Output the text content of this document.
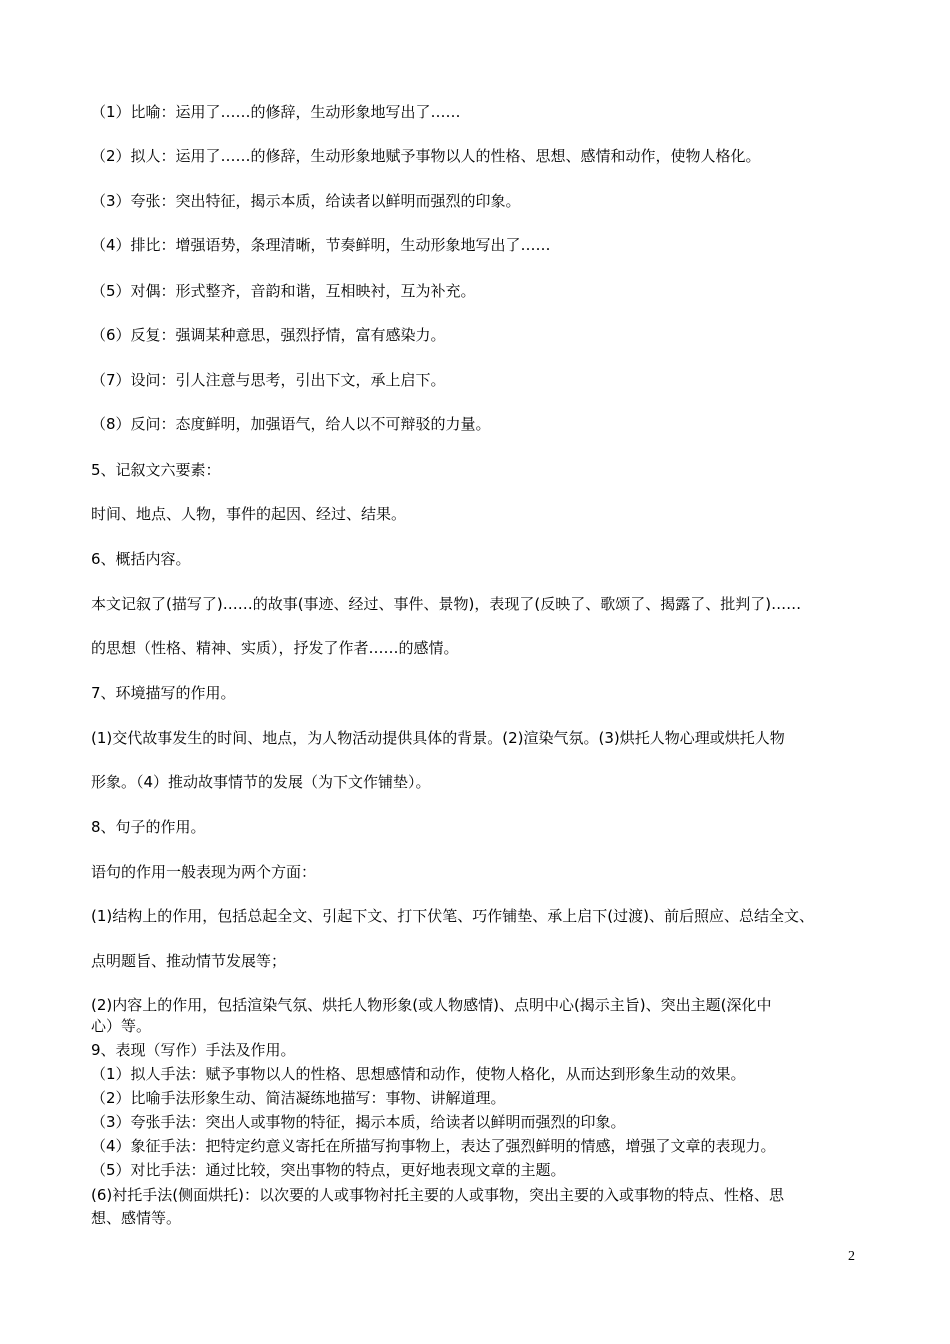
（1）比喻：运用了……的修辞，生动形象地写出了……
（2）拟人：运用了……的修辞，生动形象地赋予事物以人的性格、思想、感情和动作，使物人格化。
（3）夸张：突出特征，揭示本质，给读者以鲜明而强烈的印象。
（4）排比：增强语势，条理清晰，节奏鲜明，生动形象地写出了……
（5）对偶：形式整齐，音韵和谐，互相映衬，互为补充。
（6）反复：强调某种意思，强烈抒情，富有感染力。
（7）设问：引人注意与思考，引出下文，承上启下。
（8）反问：态度鲜明，加强语气，给人以不可辩驳的力量。
5、记叙文六要素：
时间、地点、人物，事件的起因、经过、结果。
6、概括内容。
本文记叙了(描写了)……的故事(事迹、经过、事件、景物)，表现了(反映了、歌颂了、揭露了、批判了)……
的思想（性格、精神、实质），抒发了作者……的感情。
7、环境描写的作用。
(1)交代故事发生的时间、地点，为人物活动提供具体的背景。(2)渲染气氛。(3)烘托人物心理或烘托人物
形象。（4）推动故事情节的发展（为下文作铺垫）。
8、句子的作用。
语句的作用一般表现为两个方面：
(1)结构上的作用，包括总起全文、引起下文、打下伏笔、巧作铺垫、承上启下(过渡)、前后照应、总结全文、
点明题旨、推动情节发展等；
(2)内容上的作用，包括渲染气氛、烘托人物形象(或人物感情)、点明中心(揭示主旨)、突出主题(深化中
心）等。
9、表现（写作）手法及作用。
（1）拟人手法：赋予事物以人的性格、思想感情和动作，使物人格化，从而达到形象生动的效果。
（2）比喻手法形象生动、简洁凝练地描写：事物、讲解道理。
（3）夸张手法：突出人或事物的特征，揭示本质，给读者以鲜明而强烈的印象。
（4）象征手法：把特定约意义寄托在所描写拘事物上，表达了强烈鲜明的情感，增强了文章的表现力。
（5）对比手法：通过比较，突出事物的特点，更好地表现文章的主题。
(6)衬托手法(侧面烘托)：以次要的人或事物衬托主要的人或事物，突出主要的入或事物的特点、性格、思
想、感情等。
2
